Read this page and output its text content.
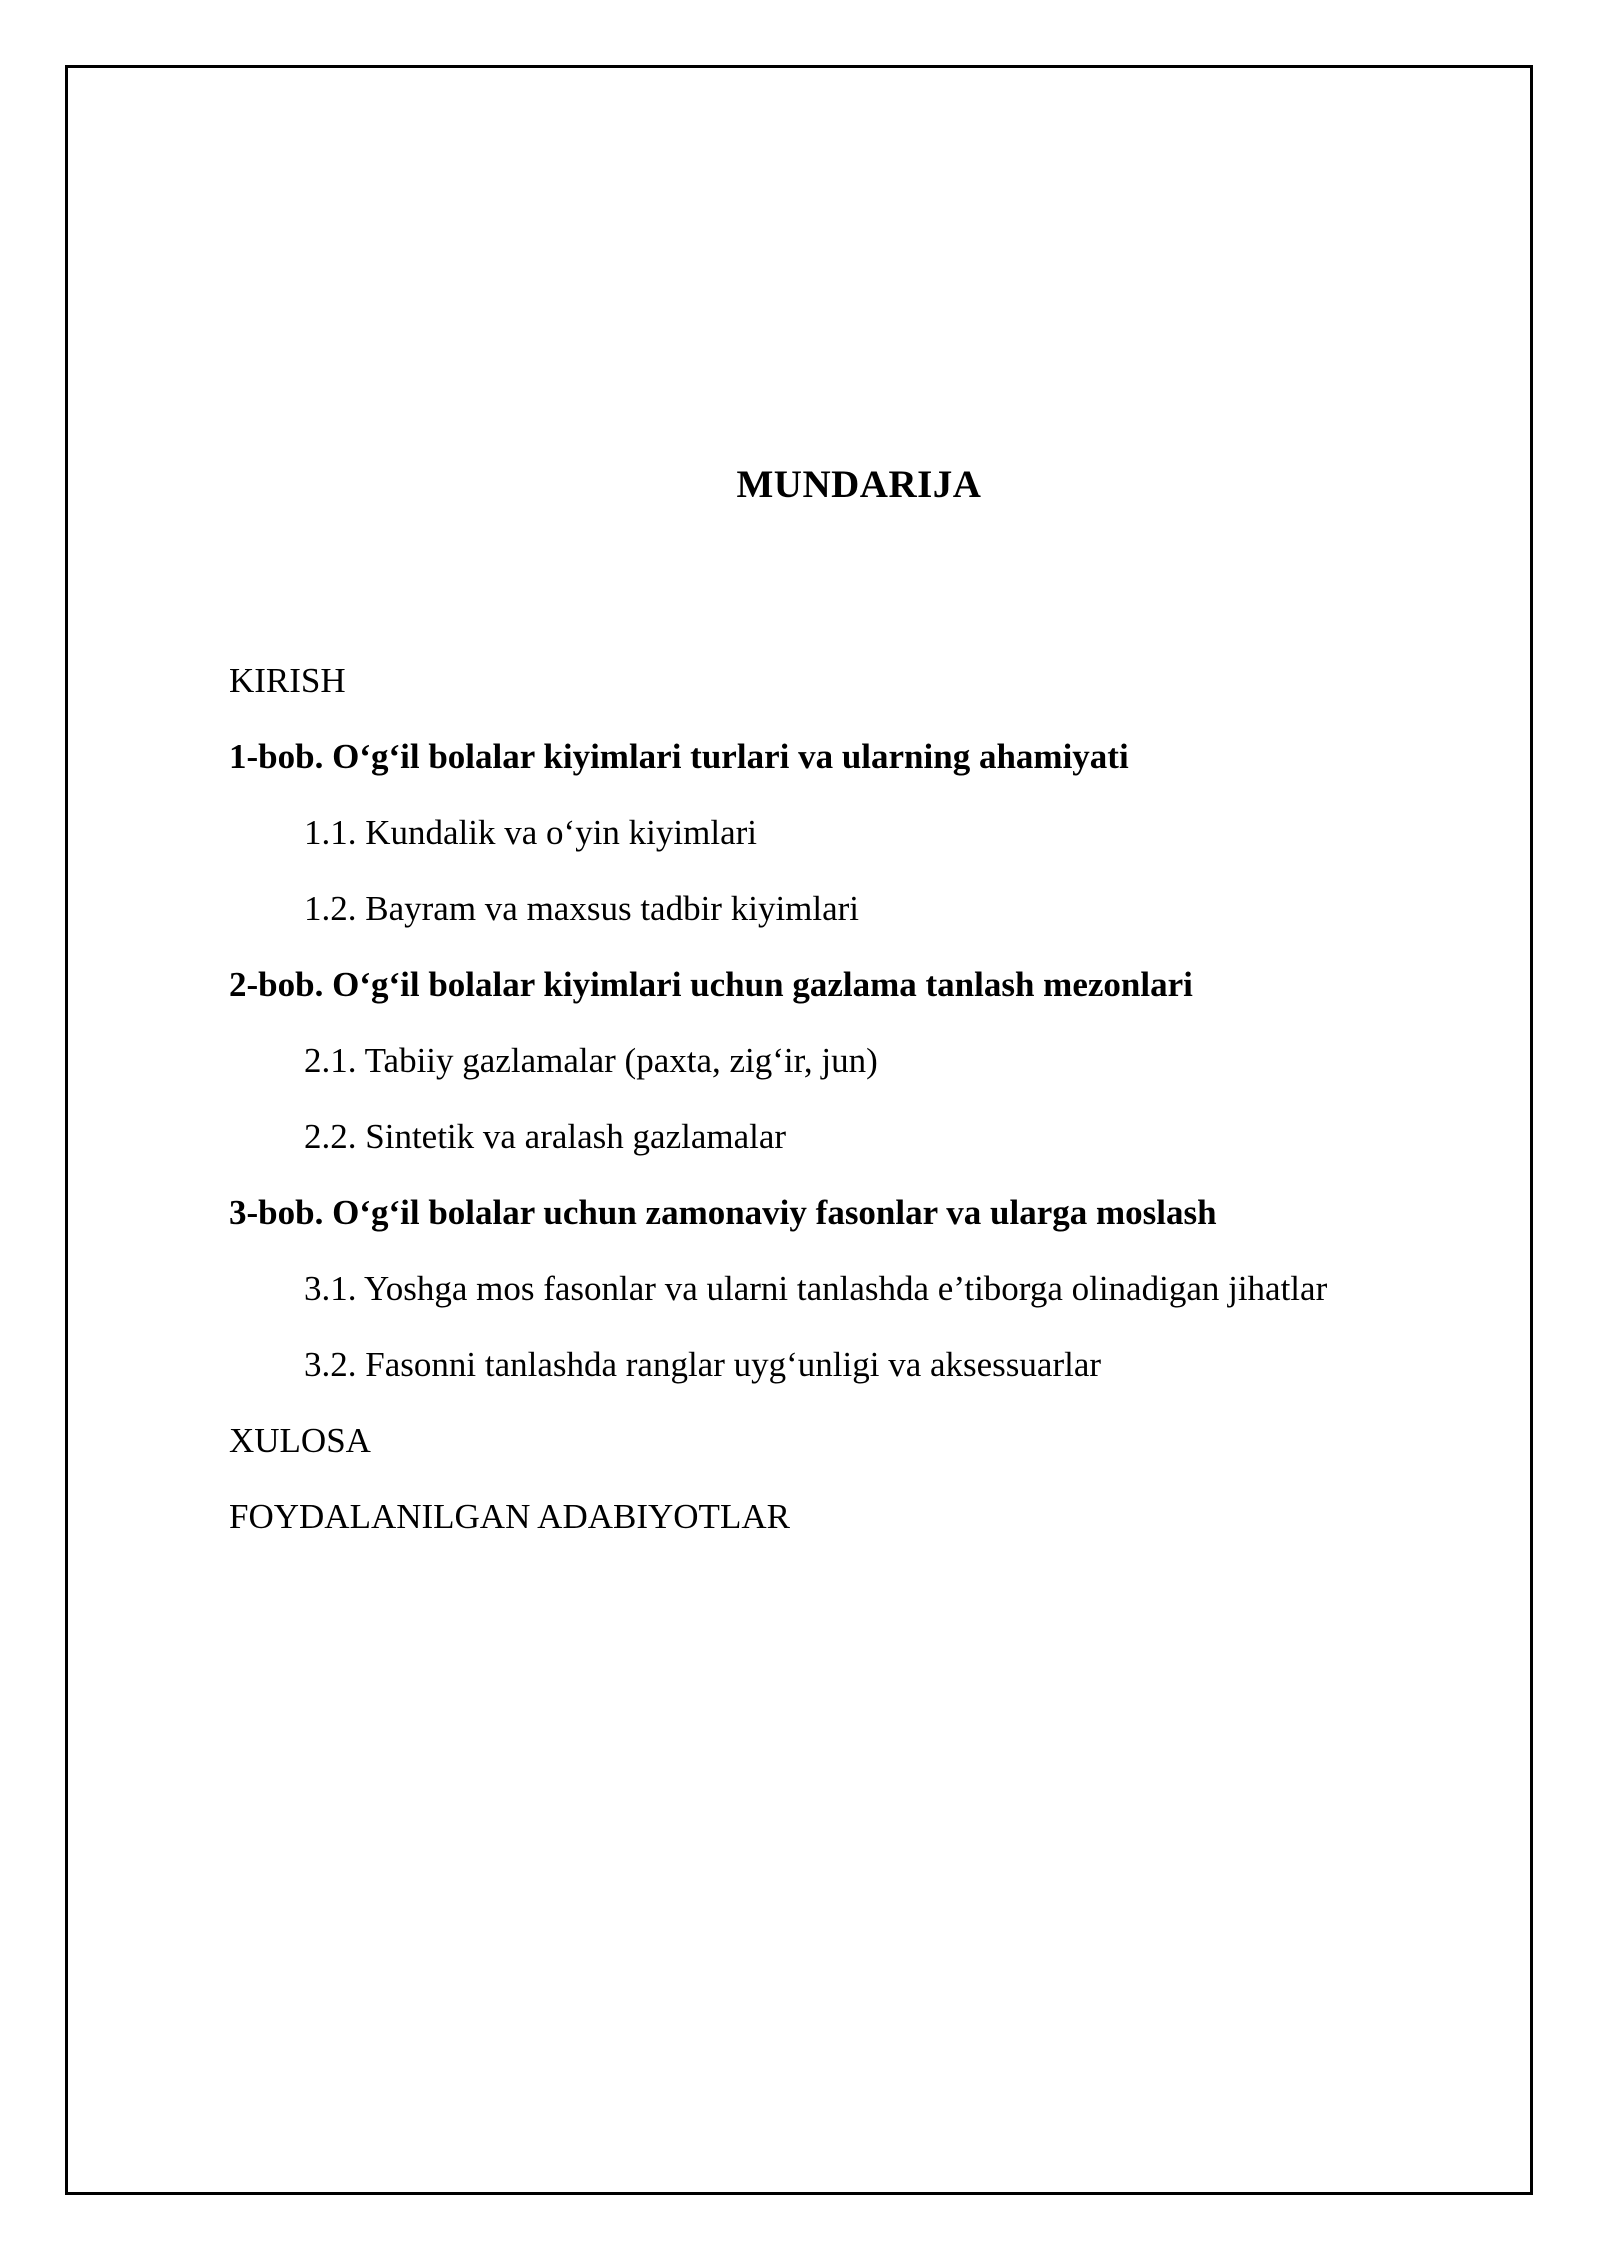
MUNDARIJA
KIRISH
1-bob. O‘g‘il bolalar kiyimlari turlari va ularning ahamiyati
1.1. Kundalik va o‘yin kiyimlari
1.2. Bayram va maxsus tadbir kiyimlari
2-bob. O‘g‘il bolalar kiyimlari uchun gazlama tanlash mezonlari
2.1. Tabiiy gazlamalar (paxta, zig‘ir, jun)
2.2. Sintetik va aralash gazlamalar
3-bob. O‘g‘il bolalar uchun zamonaviy fasonlar va ularga moslash
3.1. Yoshga mos fasonlar va ularni tanlashda e’tiborga olinadigan jihatlar
3.2. Fasonni tanlashda ranglar uyg‘unligi va aksessuarlar
XULOSA
FOYDALANILGAN ADABIYOTLAR
